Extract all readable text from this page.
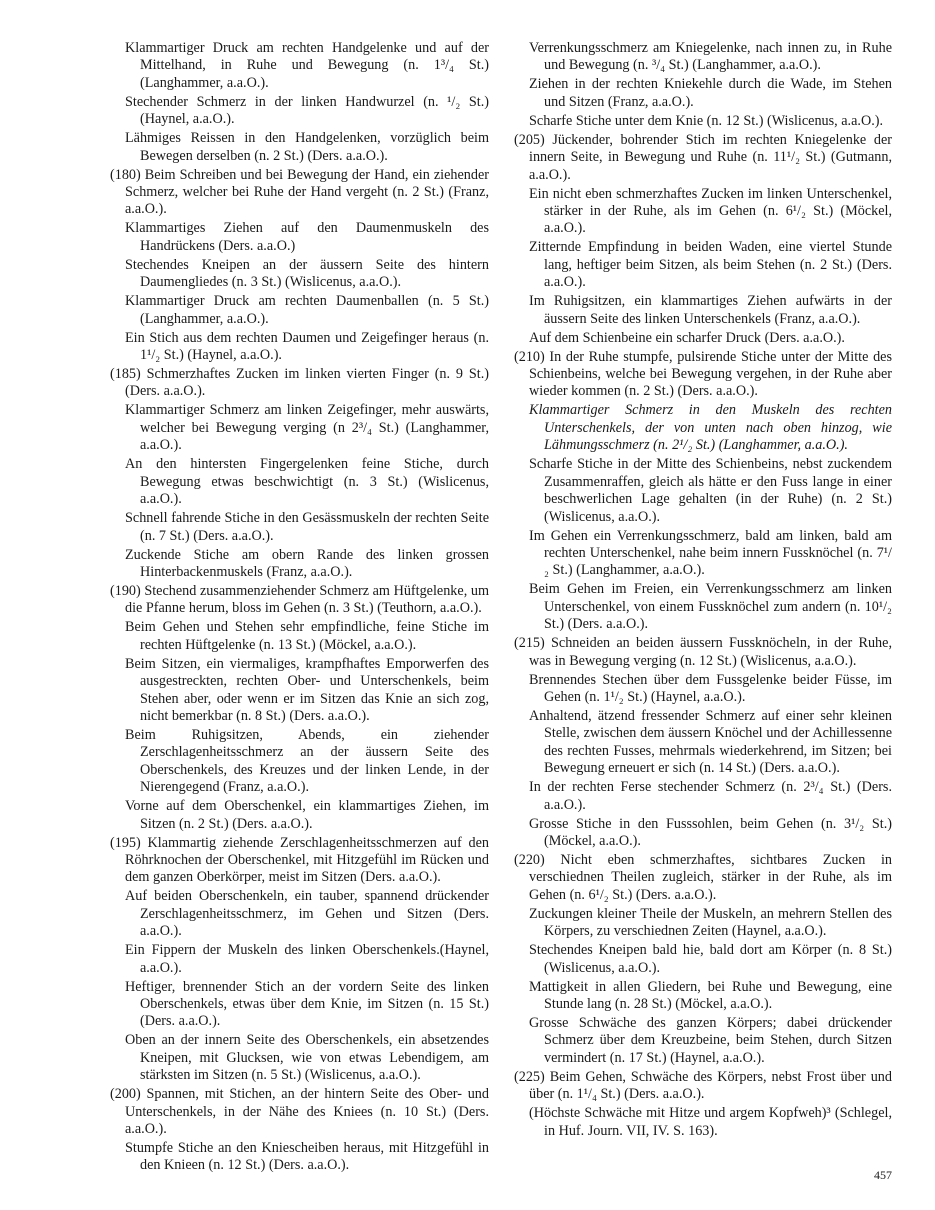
Klammartiger Druck am rechten Handgelenke und auf der Mittelhand, in Ruhe und Bewegung (n. 1³/₄ St.) (Langhammer, a.a.O.).

Stechender Schmerz in der linken Handwurzel (n. ¹/₂ St.) (Haynel, a.a.O.).

Lähmiges Reissen in den Handgelenken, vorzüglich beim Bewegen derselben (n. 2 St.) (Ders. a.a.O.).

(180) Beim Schreiben und bei Bewegung der Hand, ein ziehender Schmerz, welcher bei Ruhe der Hand vergeht (n. 2 St.) (Franz, a.a.O.).

Klammartiges Ziehen auf den Daumenmuskeln des Handrückens (Ders. a.a.O.)

Stechendes Kneipen an der äussern Seite des hintern Daumengliedes (n. 3 St.) (Wislicenus, a.a.O.).

Klammartiger Druck am rechten Daumenballen (n. 5 St.) (Langhammer, a.a.O.).

Ein Stich aus dem rechten Daumen und Zeigefinger heraus (n. 1¹/₂ St.) (Haynel, a.a.O.).

(185) Schmerzhaftes Zucken im linken vierten Finger (n. 9 St.) (Ders. a.a.O.).

Klammartiger Schmerz am linken Zeigefinger, mehr auswärts, welcher bei Bewegung verging (n 2³/₄ St.) (Langhammer, a.a.O.).

An den hintersten Fingergelenken feine Stiche, durch Bewegung etwas beschwichtigt (n. 3 St.) (Wislicenus, a.a.O.).

Schnell fahrende Stiche in den Gesässmuskeln der rechten Seite (n. 7 St.) (Ders. a.a.O.).

Zuckende Stiche am obern Rande des linken grossen Hinterbackenmuskels (Franz, a.a.O.).

(190) Stechend zusammenziehender Schmerz am Hüftgelenke, um die Pfanne herum, bloss im Gehen (n. 3 St.) (Teuthorn, a.a.O.).

Beim Gehen und Stehen sehr empfindliche, feine Stiche im rechten Hüftgelenke (n. 13 St.) (Möckel, a.a.O.).

Beim Sitzen, ein viermaliges, krampfhaftes Emporwerfen des ausgestreckten, rechten Ober- und Unterschenkels, beim Stehen aber, oder wenn er im Sitzen das Knie an sich zog, nicht bemerkbar (n. 8 St.) (Ders. a.a.O.).

Beim Ruhigsitzen, Abends, ein ziehender Zerschlagenheitsschmerz an der äussern Seite des Oberschenkels, des Kreuzes und der linken Lende, in der Nierengegend (Franz, a.a.O.).

Vorne auf dem Oberschenkel, ein klammartiges Ziehen, im Sitzen (n. 2 St.) (Ders. a.a.O.).

(195) Klammartig ziehende Zerschlagenheitsschmerzen auf den Röhrknochen der Oberschenkel, mit Hitzgefühl im Rücken und dem ganzen Oberkörper, meist im Sitzen (Ders. a.a.O.).

Auf beiden Oberschenkeln, ein tauber, spannend drückender Zerschlagenheitsschmerz, im Gehen und Sitzen (Ders. a.a.O.).

Ein Fippern der Muskeln des linken Oberschenkels.(Haynel, a.a.O.).

Heftiger, brennender Stich an der vordern Seite des linken Oberschenkels, etwas über dem Knie, im Sitzen (n. 15 St.) (Ders. a.a.O.).

Oben an der innern Seite des Oberschenkels, ein absetzendes Kneipen, mit Glucksen, wie von etwas Lebendigem, am stärksten im Sitzen (n. 5 St.) (Wislicenus, a.a.O.).

(200) Spannen, mit Stichen, an der hintern Seite des Ober- und Unterschenkels, in der Nähe des Kniees (n. 10 St.) (Ders. a.a.O.).

Stumpfe Stiche an den Kniescheiben heraus, mit Hitzgefühl in den Knieen (n. 12 St.) (Ders. a.a.O.).

Verrenkungsschmerz am Kniegelenke, nach innen zu, in Ruhe und Bewegung (n. ³/₄ St.) (Langhammer, a.a.O.).

Ziehen in der rechten Kniekehle durch die Wade, im Stehen und Sitzen (Franz, a.a.O.).

Scharfe Stiche unter dem Knie (n. 12 St.) (Wislicenus, a.a.O.).

(205) Jückender, bohrender Stich im rechten Kniegelenke der innern Seite, in Bewegung und Ruhe (n. 11¹/₂ St.) (Gutmann, a.a.O.).

Ein nicht eben schmerzhaftes Zucken im linken Unterschenkel, stärker in der Ruhe, als im Gehen (n. 6¹/₂ St.) (Möckel, a.a.O.).

Zitternde Empfindung in beiden Waden, eine viertel Stunde lang, heftiger beim Sitzen, als beim Stehen (n. 2 St.) (Ders. a.a.O.).

Im Ruhigsitzen, ein klammartiges Ziehen aufwärts in der äussern Seite des linken Unterschenkels (Franz, a.a.O.).

Auf dem Schienbeine ein scharfer Druck (Ders. a.a.O.).

(210) In der Ruhe stumpfe, pulsirende Stiche unter der Mitte des Schienbeins, welche bei Bewegung vergehen, in der Ruhe aber wieder kommen (n. 2 St.) (Ders. a.a.O.).

Klammartiger Schmerz in den Muskeln des rechten Unterschenkels, der von unten nach oben hinzog, wie Lähmungsschmerz (n. 2¹/₂ St.) (Langhammer, a.a.O.).

Scharfe Stiche in der Mitte des Schienbeins, nebst zuckendem Zusammenraffen, gleich als hätte er den Fuss lange in einer beschwerlichen Lage gehalten (in der Ruhe) (n. 2 St.) (Wislicenus, a.a.O.).

Im Gehen ein Verrenkungsschmerz, bald am linken, bald am rechten Unterschenkel, nahe beim innern Fussknöchel (n. 7¹/₂ St.) (Langhammer, a.a.O.).

Beim Gehen im Freien, ein Verrenkungsschmerz am linken Unterschenkel, von einem Fussknöchel zum andern (n. 10¹/₂ St.) (Ders. a.a.O.).

(215) Schneiden an beiden äussern Fussknöcheln, in der Ruhe, was in Bewegung verging (n. 12 St.) (Wislicenus, a.a.O.).

Brennendes Stechen über dem Fussgelenke beider Füsse, im Gehen (n. 1¹/₂ St.) (Haynel, a.a.O.).

Anhaltend, ätzend fressender Schmerz auf einer sehr kleinen Stelle, zwischen dem äussern Knöchel und der Achillessenne des rechten Fusses, mehrmals wiederkehrend, im Sitzen; bei Bewegung erneuert er sich (n. 14 St.) (Ders. a.a.O.).

In der rechten Ferse stechender Schmerz (n. 2³/₄ St.) (Ders. a.a.O.).

Grosse Stiche in den Fusssohlen, beim Gehen (n. 3¹/₂ St.) (Möckel, a.a.O.).

(220) Nicht eben schmerzhaftes, sichtbares Zucken in verschiednen Theilen zugleich, stärker in der Ruhe, als im Gehen (n. 6¹/₂ St.) (Ders. a.a.O.).

Zuckungen kleiner Theile der Muskeln, an mehrern Stellen des Körpers, zu verschiednen Zeiten (Haynel, a.a.O.).

Stechendes Kneipen bald hie, bald dort am Körper (n. 8 St.) (Wislicenus, a.a.O.).

Mattigkeit in allen Gliedern, bei Ruhe und Bewegung, eine Stunde lang (n. 28 St.) (Möckel, a.a.O.).

Grosse Schwäche des ganzen Körpers; dabei drückender Schmerz über dem Kreuzbeine, beim Stehen, durch Sitzen vermindert (n. 17 St.) (Haynel, a.a.O.).

(225) Beim Gehen, Schwäche des Körpers, nebst Frost über und über (n. 1¹/₄ St.) (Ders. a.a.O.).

(Höchste Schwäche mit Hitze und argem Kopfweh)³ (Schlegel, in Huf. Journ. VII, IV. S. 163).

457
